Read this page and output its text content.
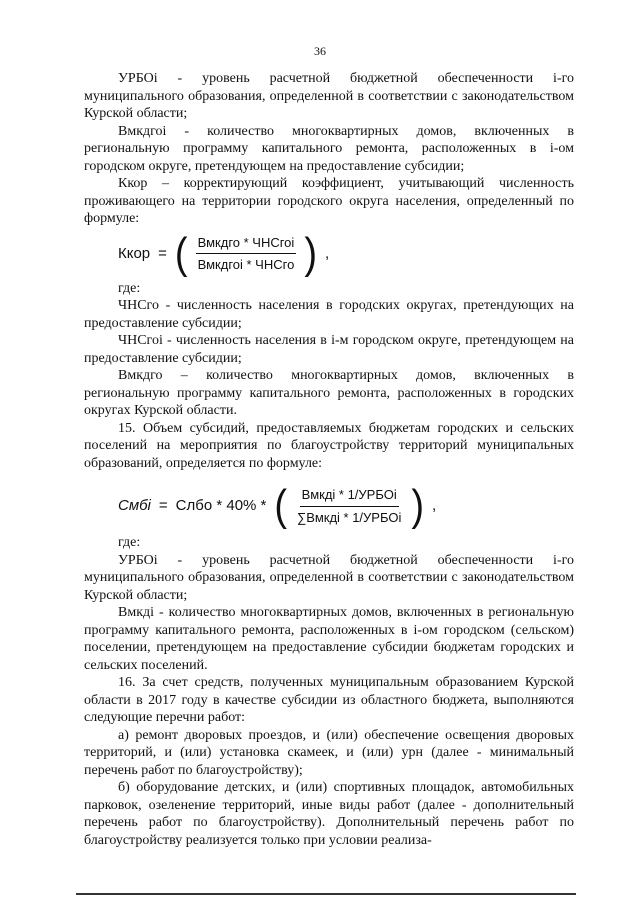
36

УРБОi - уровень расчетной бюджетной обеспеченности i-го муниципального образования, определенной в соответствии с законодательством Курской области;

Вмкдгоi - количество многоквартирных домов, включенных в региональную программу капитального ремонта, расположенных в i-ом городском округе, претендующем на предоставление субсидии;

Ккор – корректирующий коэффициент, учитывающий численность проживающего на территории городского округа населения, определенный по формуле:

Ккор = ( $\frac{\text{Вмкдго * ЧНСгоi}}{\text{Вмкдгоi * ЧНСго}}$ ) ,

где:

ЧНСго - численность населения в городских округах, претендующих на предоставление субсидии;

ЧНСгоi - численность населения в i-м городском округе, претендующем на предоставление субсидии;

Вмкдго – количество многоквартирных домов, включенных в региональную программу капитального ремонта, расположенных в городских округах Курской области.

15. Объем субсидий, предоставляемых бюджетам городских и сельских поселений на мероприятия по благоустройству территорий муниципальных образований, определяется по формуле:

Смбi = Слбо * 40% * ( $\frac{\text{Вмкдi * 1/УРБОi}}{\text{∑Вмкдi * 1/УРБОi}}$ ) ,

где:

УРБОi - уровень расчетной бюджетной обеспеченности i-го муниципального образования, определенной в соответствии с законодательством Курской области;

Вмкдi - количество многоквартирных домов, включенных в региональную программу капитального ремонта, расположенных в i-ом городском (сельском) поселении, претендующем на предоставление субсидии бюджетам городских и сельских поселений.

16. За счет средств, полученных муниципальным образованием Курской области в 2017 году в качестве субсидии из областного бюджета, выполняются следующие перечни работ:

а) ремонт дворовых проездов, и (или) обеспечение освещения дворовых территорий, и (или) установка скамеек, и (или) урн (далее - минимальный перечень работ по благоустройству);

б) оборудование детских, и (или) спортивных площадок, автомобильных парковок, озеленение территорий, иные виды работ (далее - дополнительный перечень работ по благоустройству). Дополнительный перечень работ по благоустройству реализуется только при условии реализа-
